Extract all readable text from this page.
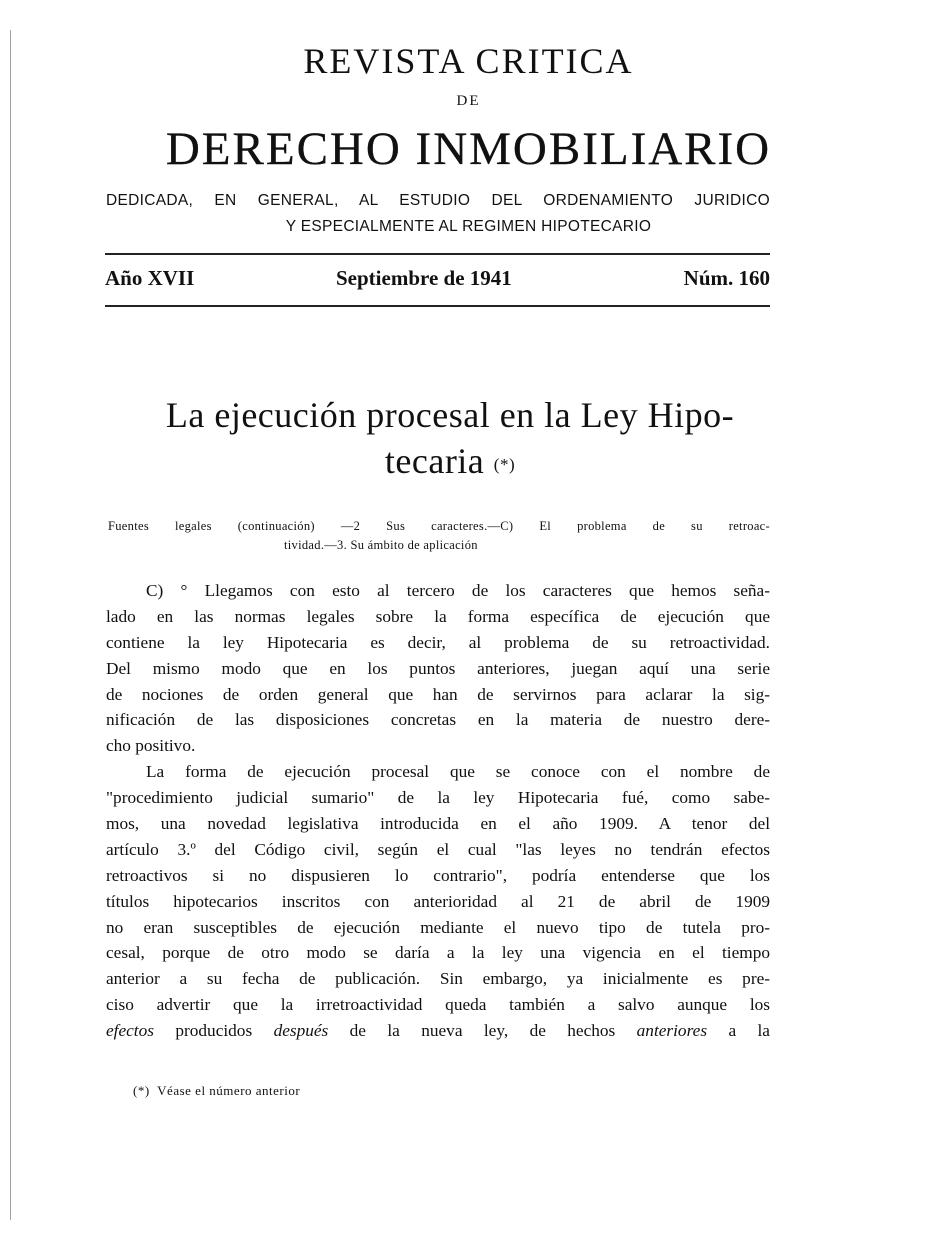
REVISTA CRITICA
DE
DERECHO INMOBILIARIO
DEDICADA, EN GENERAL, AL ESTUDIO DEL ORDENAMIENTO JURIDICO
Y ESPECIALMENTE AL REGIMEN HIPOTECARIO
Año XVII	Septiembre de 1941	Núm. 160
La ejecución procesal en la Ley Hipo-
tecaria (*)
Fuentes legales (continuación) —2 Sus caracteres.—C) El problema de su retroac-
tividad.—3. Su ámbito de aplicación
C) ° Llegamos con esto al tercero de los caracteres que hemos seña-
lado en las normas legales sobre la forma específica de ejecución que
contiene la ley Hipotecaria es decir, al problema de su retroactividad.
Del mismo modo que en los puntos anteriores, juegan aquí una serie
de nociones de orden general que han de servirnos para aclarar la sig-
nificación de las disposiciones concretas en la materia de nuestro dere-
cho positivo.
La forma de ejecución procesal que se conoce con el nombre de
"procedimiento judicial sumario" de la ley Hipotecaria fué, como sabe-
mos, una novedad legislativa introducida en el año 1909. A tenor del
artículo 3.º del Código civil, según el cual "las leyes no tendrán efectos
retroactivos si no dispusieren lo contrario", podría entenderse que los
títulos hipotecarios inscritos con anterioridad al 21 de abril de 1909
no eran susceptibles de ejecución mediante el nuevo tipo de tutela pro-
cesal, porque de otro modo se daría a la ley una vigencia en el tiempo
anterior a su fecha de publicación. Sin embargo, ya inicialmente es pre-
ciso advertir que la irretroactividad queda también a salvo aunque los
efectos producidos después de la nueva ley, de hechos anteriores a la
(*) Véase el número anterior
